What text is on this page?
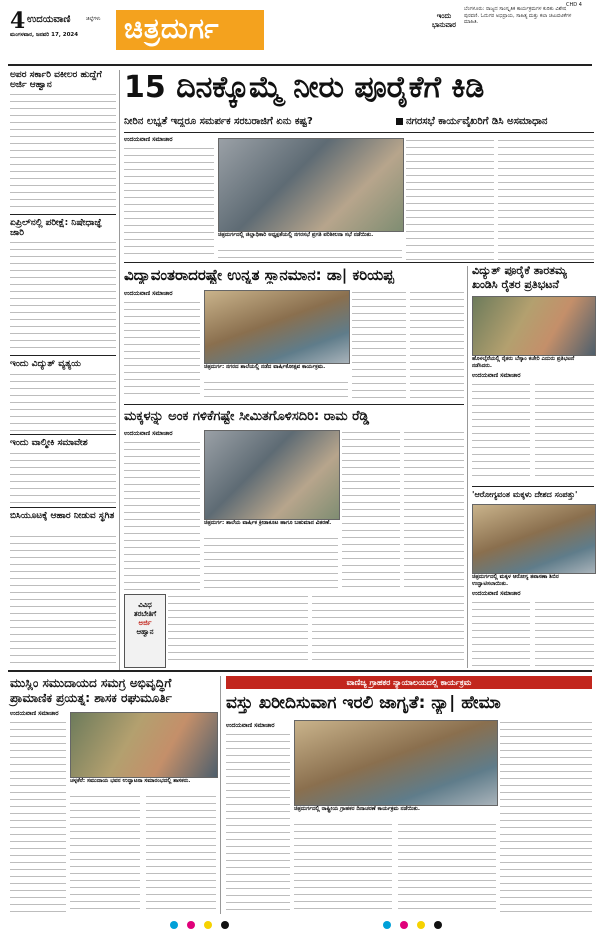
4 ಉದಯವಾಣಿ	ಜಿಲ್ಲೆಗಳು
ಮಂಗಳವಾರ, ಜನವರಿ 17, 2024 ಚಿತ್ರದುರ್ಗ	ಇಂದು ಭಾನುವಾರ
ಬೆಂಗಳೂರು: ರಾಜ್ಯದ ಸಾಂಸ್ಕೃತಿಕ ಕಾರ್ಯಕ್ರಮಗಳ ಕುರಿತು ವಿಶೇಷ ಪುರವಣಿ. ಓದುಗರ ಅಭಿಪ್ರಾಯ, ಸಾಹಿತ್ಯ ಮತ್ತು ಕಲಾ ಚಟುವಟಿಕೆಗಳ ಮಾಹಿತಿ.
CHD 4
ಅಪರ ಸರ್ಕಾರಿ ವಕೀಲರ ಹುದ್ದೆಗೆ ಅರ್ಜಿ ಆಹ್ವಾನ
ಏಪ್ರಿಲ್‌ನಲ್ಲಿ ಪರೀಕ್ಷೆ: ನಿಷೇಧಾಜ್ಞೆ ಜಾರಿ
ಇಂದು ವಿದ್ಯುತ್ ವ್ಯತ್ಯಯ
ಇಂದು ವಾಲ್ಮೀಕಿ ಸಮಾವೇಶ
ಬಿಸಿಯೂಟಕ್ಕೆ ಆಹಾರ ನೀಡುವ ಸ್ಥಗಿತ
15 ದಿನಕ್ಕೊಮ್ಮೆ ನೀರು ಪೂರೈಕೆಗೆ ಕಿಡಿ
ನೀರಿನ ಲಭ್ಯತೆ ಇದ್ದರೂ ಸಮರ್ಪಕ ಸರಬರಾಜಿಗೆ ಏನು ಕಷ್ಟ?	ನಗರಸಭೆ ಕಾರ್ಯವೈಖರಿಗೆ ಡಿಸಿ ಅಸಮಾಧಾನ
ಉದಯವಾಣಿ ಸಮಾಚಾರ
ಚಿತ್ರದುರ್ಗದಲ್ಲಿ ಜಿಲ್ಲಾಧಿಕಾರಿ ಅಧ್ಯಕ್ಷತೆಯಲ್ಲಿ ನಗರಸಭೆ ಪ್ರಗತಿ ಪರಿಶೀಲನಾ ಸಭೆ ನಡೆಯಿತು.
ವಿದ್ಯಾವಂತರಾದರಷ್ಟೇ ಉನ್ನತ ಸ್ಥಾನಮಾನ: ಡಾ| ಕರಿಯಪ್ಪ
ಉದಯವಾಣಿ ಸಮಾಚಾರ
ಚಿತ್ರದುರ್ಗ: ನಗರದ ಶಾಲೆಯಲ್ಲಿ ನಡೆದ ವಾರ್ಷಿಕೋತ್ಸವ ಕಾರ್ಯಕ್ರಮ.
ವಿದ್ಯುತ್ ಪೂರೈಕೆ ತಾರತಮ್ಯ ಖಂಡಿಸಿ ರೈತರ ಪ್ರತಿಭಟನೆ
ಹೊಳಲ್ಕೆರೆಯಲ್ಲಿ ರೈತರು ಬೆಸ್ಕಾಂ ಕಚೇರಿ ಎದುರು ಪ್ರತಿಭಟನೆ ನಡೆಸಿದರು.
ಉದಯವಾಣಿ ಸಮಾಚಾರ
'ಆರೋಗ್ಯವಂತ ಮಕ್ಕಳು ದೇಶದ ಸಂಪತ್ತು'
ಚಿತ್ರದುರ್ಗದಲ್ಲಿ ಮಕ್ಕಳ ಆರೋಗ್ಯ ತಪಾಸಣಾ ಶಿಬಿರ ಉದ್ಘಾಟಿಸಲಾಯಿತು.
ಉದಯವಾಣಿ ಸಮಾಚಾರ
ಮಕ್ಕಳನ್ನು ಅಂಕ ಗಳಿಕೆಗಷ್ಟೇ ಸೀಮಿತಗೊಳಿಸದಿರಿ: ರಾಮ ರೆಡ್ಡಿ
ಉದಯವಾಣಿ ಸಮಾಚಾರ
ಚಿತ್ರದುರ್ಗ: ಶಾಲೆಯ ವಾರ್ಷಿಕ ಕ್ರೀಡಾಕೂಟ ಹಾಗೂ ಬಹುಮಾನ ವಿತರಣೆ.
ವಿವಿಧ
ತರಬೇತಿಗೆ
ಅರ್ಜಿ
ಆಹ್ವಾನ
ಮುಸ್ಲಿಂ ಸಮುದಾಯದ ಸಮಗ್ರ ಅಭಿವೃದ್ಧಿಗೆ ಪ್ರಾಮಾಣಿಕ ಪ್ರಯತ್ನ: ಶಾಸಕ ರಘುಮೂರ್ತಿ
ಉದಯವಾಣಿ ಸಮಾಚಾರ
ಚಳ್ಳಕೆರೆ: ಸಮುದಾಯ ಭವನ ಉದ್ಘಾಟನಾ ಸಮಾರಂಭದಲ್ಲಿ ಶಾಸಕರು.
ವಾಣಿಜ್ಯ ಗ್ರಾಹಕರ ನ್ಯಾಯಾಲಯದಲ್ಲಿ ಕಾರ್ಯಕ್ರಮ
ವಸ್ತು ಖರೀದಿಸುವಾಗ ಇರಲಿ ಜಾಗೃತೆ: ನ್ಯಾ| ಹೇಮಾ
ಉದಯವಾಣಿ ಸಮಾಚಾರ
ಚಿತ್ರದುರ್ಗದಲ್ಲಿ ರಾಷ್ಟ್ರೀಯ ಗ್ರಾಹಕರ ದಿನಾಚರಣೆ ಕಾರ್ಯಕ್ರಮ ನಡೆಯಿತು.
